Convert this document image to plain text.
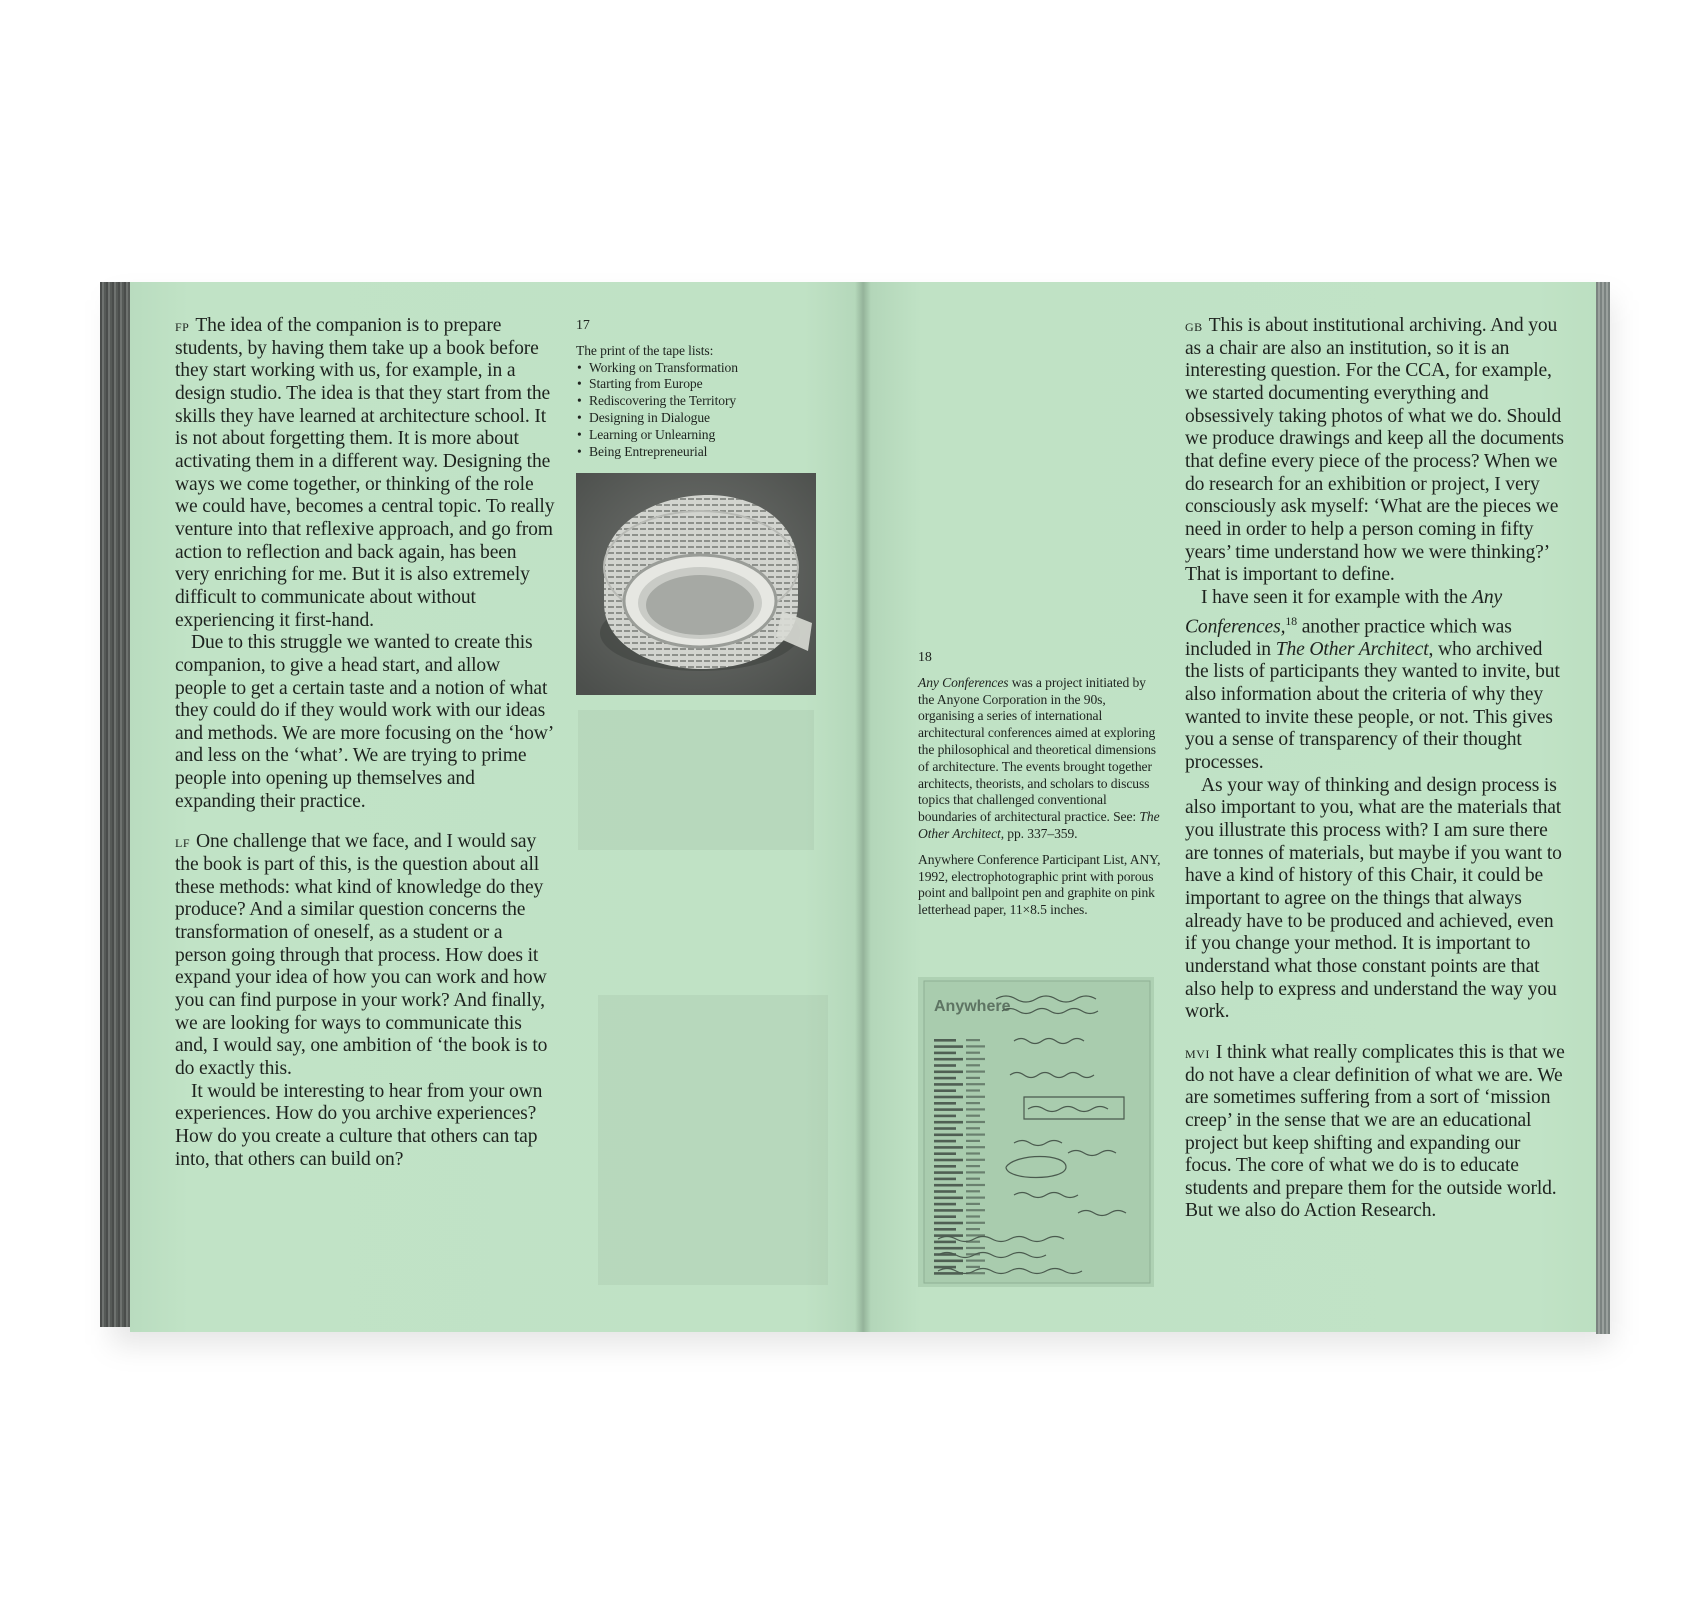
fp The idea of the companion is to prepare students, by having them take up a book before they start working with us, for example, in a design studio. The idea is that they start from the skills they have learned at architecture school. It is not about forgetting them. It is more about activating them in a different way. Designing the ways we come together, or thinking of the role we could have, becomes a central topic. To really venture into that reflexive approach, and go from action to reflection and back again, has been very enriching for me. But it is also extremely difficult to communicate about without experiencing it first-hand.

Due to this struggle we wanted to create this companion, to give a head start, and allow people to get a certain taste and a notion of what they could do if they would work with our ideas and methods. We are more focusing on the ‘how’ and less on the ‘what’. We are trying to prime people into opening up themselves and expanding their practice.

lf One challenge that we face, and I would say the book is part of this, is the question about all these methods: what kind of knowledge do they produce? And a similar question concerns the transformation of oneself, as a student or a person going through that process. How does it expand your idea of how you can work and how you can find purpose in your work? And finally, we are looking for ways to communicate this and, I would say, one ambition of ‘the book is to do exactly this.

It would be interesting to hear from your own experiences. How do you archive experiences? How do you create a culture that others can tap into, that others can build on?

17

The print of the tape lists:

• Working on Transformation
• Starting from Europe
• Rediscovering the Territory
• Designing in Dialogue
• Learning or Unlearning
• Being Entrepreneurial

18

Any Conferences was a project initiated by the Anyone Corporation in the 90s, organising a series of international architectural conferences aimed at exploring the philosophical and theoretical dimensions of architecture. The events brought together architects, theorists, and scholars to discuss topics that challenged conventional boundaries of architectural practice. See: The Other Architect, pp. 337–359.

Anywhere Conference Participant List, ANY, 1992, electrophotographic print with porous point and ballpoint pen and graphite on pink letterhead paper, 11×8.5 inches.

Anywhere

gb This is about institutional archiving. And you as a chair are also an institution, so it is an interesting question. For the CCA, for example, we started documenting everything and obsessively taking photos of what we do. Should we produce drawings and keep all the documents that define every piece of the process? When we do research for an exhibition or project, I very consciously ask myself: ‘What are the pieces we need in order to help a person coming in fifty years’ time understand how we were thinking?’ That is important to define.

I have seen it for example with the Any Conferences,$^{18}$ another practice which was included in The Other Architect, who archived the lists of participants they wanted to invite, but also information about the criteria of why they wanted to invite these people, or not. This gives you a sense of transparency of their thought processes.

As your way of thinking and design process is also important to you, what are the materials that you illustrate this process with? I am sure there are tonnes of materials, but maybe if you want to have a kind of history of this Chair, it could be important to agree on the things that always already have to be produced and achieved, even if you change your method. It is important to understand what those constant points are that also help to express and understand the way you work.

mvi I think what really complicates this is that we do not have a clear definition of what we are. We are sometimes suffering from a sort of ‘mission creep’ in the sense that we are an educational project but keep shifting and expanding our focus. The core of what we do is to educate students and prepare them for the outside world. But we also do Action Research.
